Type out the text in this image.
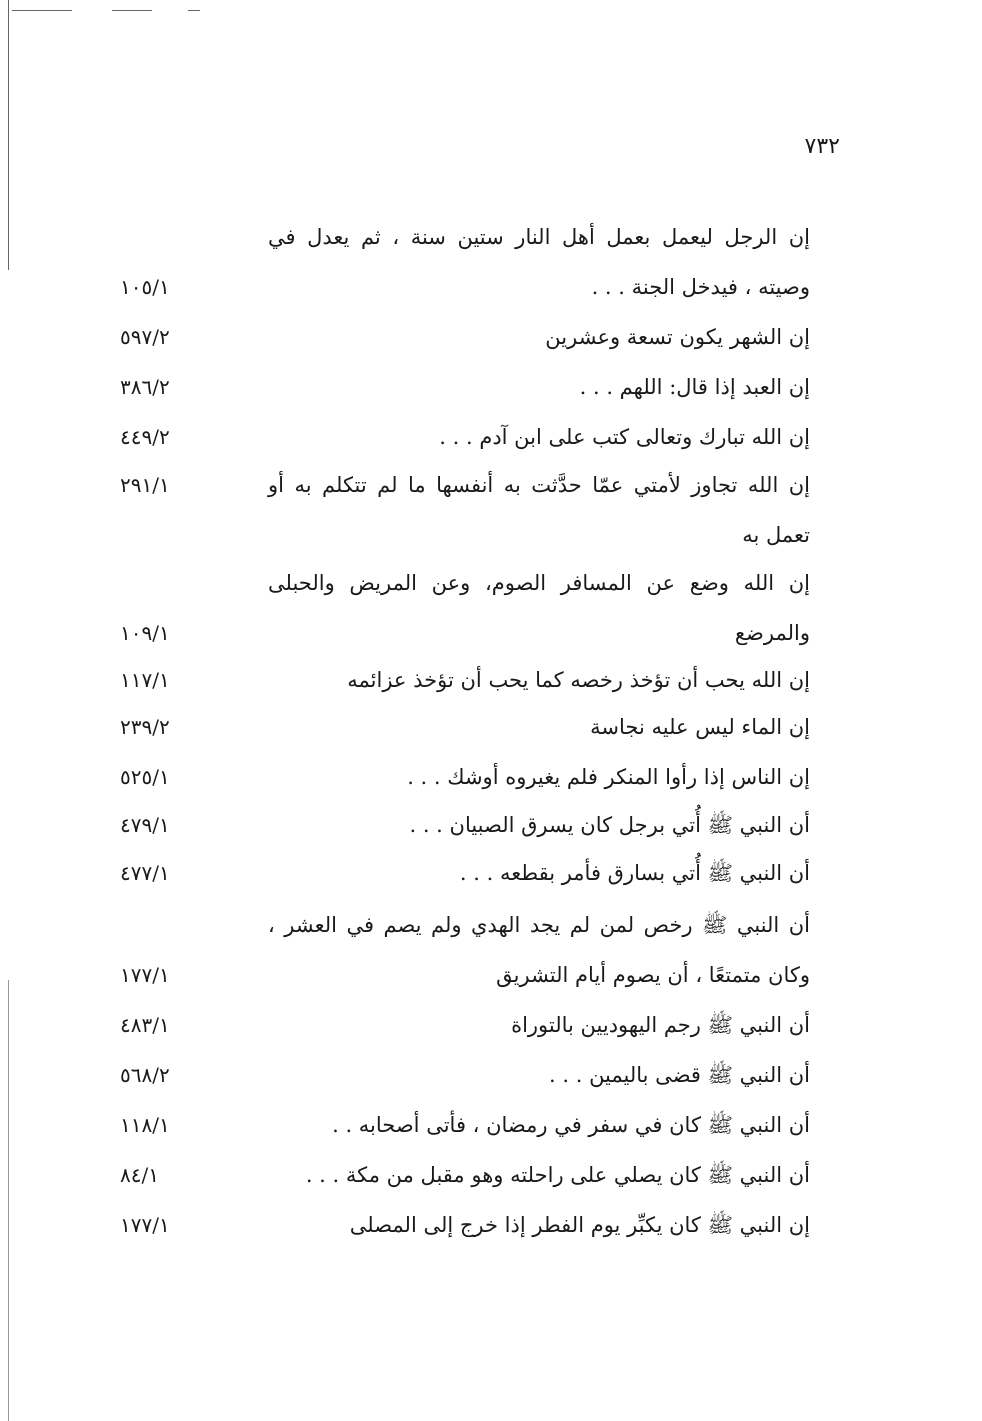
٧٣٢
إن الرجل ليعمل بعمل أهل النار ستين سنة ، ثم يعدل في وصيته ، فيدخل الجنة . . .
١٠٥/١
إن الشهر يكون تسعة وعشرين
٥٩٧/٢
إن العبد إذا قال: اللهم . . .
٣٨٦/٢
إن الله تبارك وتعالى كتب على ابن آدم . . .
٤٤٩/٢
إن الله تجاوز لأمتي عمّا حدَّثت به أنفسها ما لم تتكلم به أو تعمل به
٢٩١/١
إن الله وضع عن المسافر الصوم، وعن المريض والحبلى والمرضع
١٠٩/١
إن الله يحب أن تؤخذ رخصه كما يحب أن تؤخذ عزائمه
١١٧/١
إن الماء ليس عليه نجاسة
٢٣٩/٢
إن الناس إذا رأوا المنكر فلم يغيروه أوشك . . .
٥٢٥/١
أن النبي ﷺ أُتي برجل كان يسرق الصبيان . . .
٤٧٩/١
أن النبي ﷺ أُتي بسارق فأمر بقطعه . . .
٤٧٧/١
أن النبي ﷺ رخص لمن لم يجد الهدي ولم يصم في العشر ، وكان متمتعًا ، أن يصوم أيام التشريق
١٧٧/١
أن النبي ﷺ رجم اليهوديين بالتوراة
٤٨٣/١
أن النبي ﷺ قضى باليمين . . .
٥٦٨/٢
أن النبي ﷺ كان في سفر في رمضان ، فأتى أصحابه . .
١١٨/١
أن النبي ﷺ كان يصلي على راحلته وهو مقبل من مكة . . .
٨٤/١
إن النبي ﷺ كان يكبِّر يوم الفطر إذا خرج إلى المصلى
١٧٧/١
